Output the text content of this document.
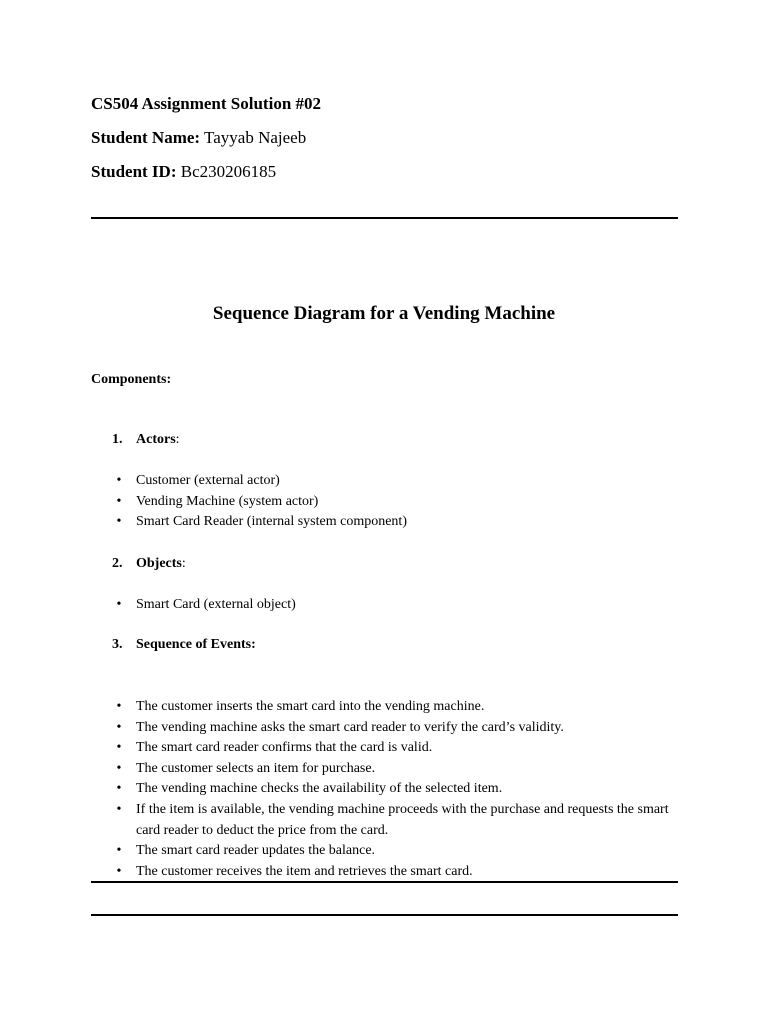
CS504 Assignment Solution #02
Student Name: Tayyab Najeeb
Student ID: Bc230206185
Sequence Diagram for a Vending Machine
Components:
1. Actors:
•	Customer (external actor)
•	Vending Machine (system actor)
•	Smart Card Reader (internal system component)
2. Objects:
•	Smart Card (external object)
3. Sequence of Events:
•	The customer inserts the smart card into the vending machine.
•	The vending machine asks the smart card reader to verify the card’s validity.
•	The smart card reader confirms that the card is valid.
•	The customer selects an item for purchase.
•	The vending machine checks the availability of the selected item.
•	If the item is available, the vending machine proceeds with the purchase and requests the smart card reader to deduct the price from the card.
•	The smart card reader updates the balance.
•	The customer receives the item and retrieves the smart card.
